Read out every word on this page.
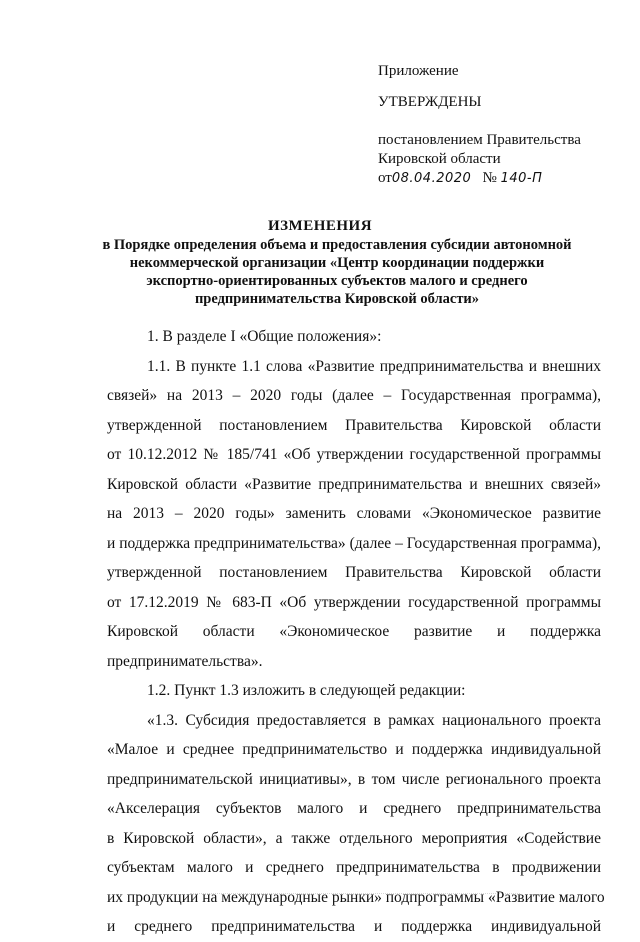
Приложение
УТВЕРЖДЕНЫ
постановлением Правительства
Кировской области
от08.04.2020 № 140-П
ИЗМЕНЕНИЯ
в Порядке определения объема и предоставления субсидии автономной
некоммерческой организации «Центр координации поддержки
экспортно-ориентированных субъектов малого и среднего
предпринимательства Кировской области»
1. В разделе I «Общие положения»:
1.1. В пункте 1.1 слова «Развитие предпринимательства и внешних
связей» на 2013 – 2020 годы (далее – Государственная программа),
утвержденной постановлением Правительства Кировской области
от 10.12.2012 № 185/741 «Об утверждении государственной программы
Кировской области «Развитие предпринимательства и внешних связей»
на 2013 – 2020 годы» заменить словами «Экономическое развитие
и поддержка предпринимательства» (далее – Государственная программа),
утвержденной постановлением Правительства Кировской области
от 17.12.2019 № 683-П «Об утверждении государственной программы
Кировской области «Экономическое развитие и поддержка
предпринимательства».
1.2. Пункт 1.3 изложить в следующей редакции:
«1.3. Субсидия предоставляется в рамках национального проекта
«Малое и среднее предпринимательство и поддержка индивидуальной
предпринимательской инициативы», в том числе регионального проекта
«Акселерация субъектов малого и среднего предпринимательства
в Кировской области», а также отдельного мероприятия «Содействие
субъектам малого и среднего предпринимательства в продвижении
их продукции на международные рынки» подпрограммы «Развитие малого
и среднего предпринимательства и поддержка индивидуальной
